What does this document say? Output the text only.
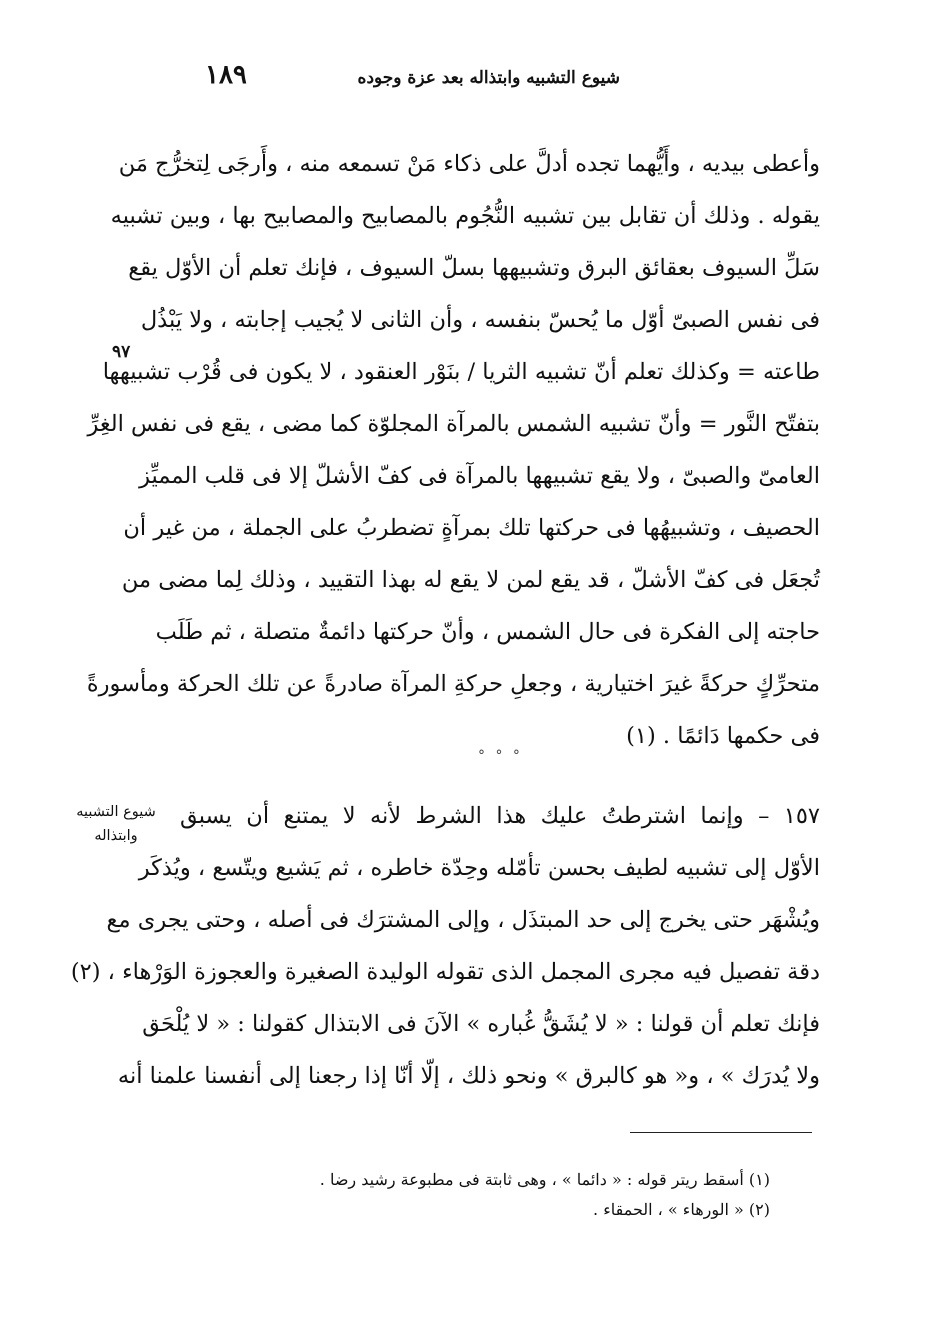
١٨٩	شيوع التشبيه وابتذاله بعد عزة وجوده
٩٧
شيوع التشبيه
وابتذاله
وأعطى بيديه ، وأَيُّهما تجده أدلَّ على ذكاء مَنْ تسمعه منه ، وأَرجَى لِتخرُّج مَن
يقوله . وذلك أن تقابل بين تشبيه النُّجُوم بالمصابيح والمصابيح بها ، وبين تشبيه
سَلِّ السيوف بعقائق البرق وتشبيهها بسلّ السيوف ، فإنك تعلم أن الأوّل يقع
فى نفس الصبىّ أوّل ما يُحسّ بنفسه ، وأن الثانى لا يُجيب إجابته ، ولا يَبْذُل
طاعته = وكذلك تعلم أنّ تشبيه الثريا / بنَوْر العنقود ، لا يكون فى قُرْب تشبيهها
بتفتّح النَّور = وأنّ تشبيه الشمس بالمرآة المجلوّة كما مضى ، يقع فى نفس الغِرِّ
العامىّ والصبىّ ، ولا يقع تشبيهها بالمرآة فى كفّ الأشلّ إلا فى قلب المميِّز
الحصيف ، وتشبيهُها فى حركتها تلك بمرآةٍ تضطربُ على الجملة ، من غير أن
تُجعَل فى كفّ الأشلّ ، قد يقع لمن لا يقع له بهذا التقييد ، وذلك لِما مضى من
حاجته إلى الفكرة فى حال الشمس ، وأنّ حركتها دائمةٌ متصلة ، ثم طَلَب
متحرِّكٍ حركةً غيرَ اختيارية ، وجعلِ حركةِ المرآة صادرةً عن تلك الحركة ومأسورةً
فى حكمها دَائمًا . (١)
° ° °
١٥٧ – وإنما اشترطتُ عليك هذا الشرط لأنه لا يمتنع أن يسبق
الأوّل إلى تشبيه لطيف بحسن تأمّله وحِدّة خاطره ، ثم يَشيع ويتّسع ، ويُذكَر
ويُشْهَر حتى يخرج إلى حد المبتذَل ، وإلى المشترَك فى أصله ، وحتى يجرى مع
دقة تفصيل فيه مجرى المجمل الذى تقوله الوليدة الصغيرة والعجوزة الوَرْهاء ، (٢)
فإنك تعلم أن قولنا : « لا يُشَقُّ غُباره » الآنَ فى الابتذال كقولنا : « لا يُلْحَق
ولا يُدرَك » ، و« هو كالبرق » ونحو ذلك ، إلّا أنّا إذا رجعنا إلى أنفسنا علمنا أنه
(١) أسقط ريتر قوله : « دائما » ، وهى ثابتة فى مطبوعة رشيد رضا .
(٢) « الورهاء » ، الحمقاء .
